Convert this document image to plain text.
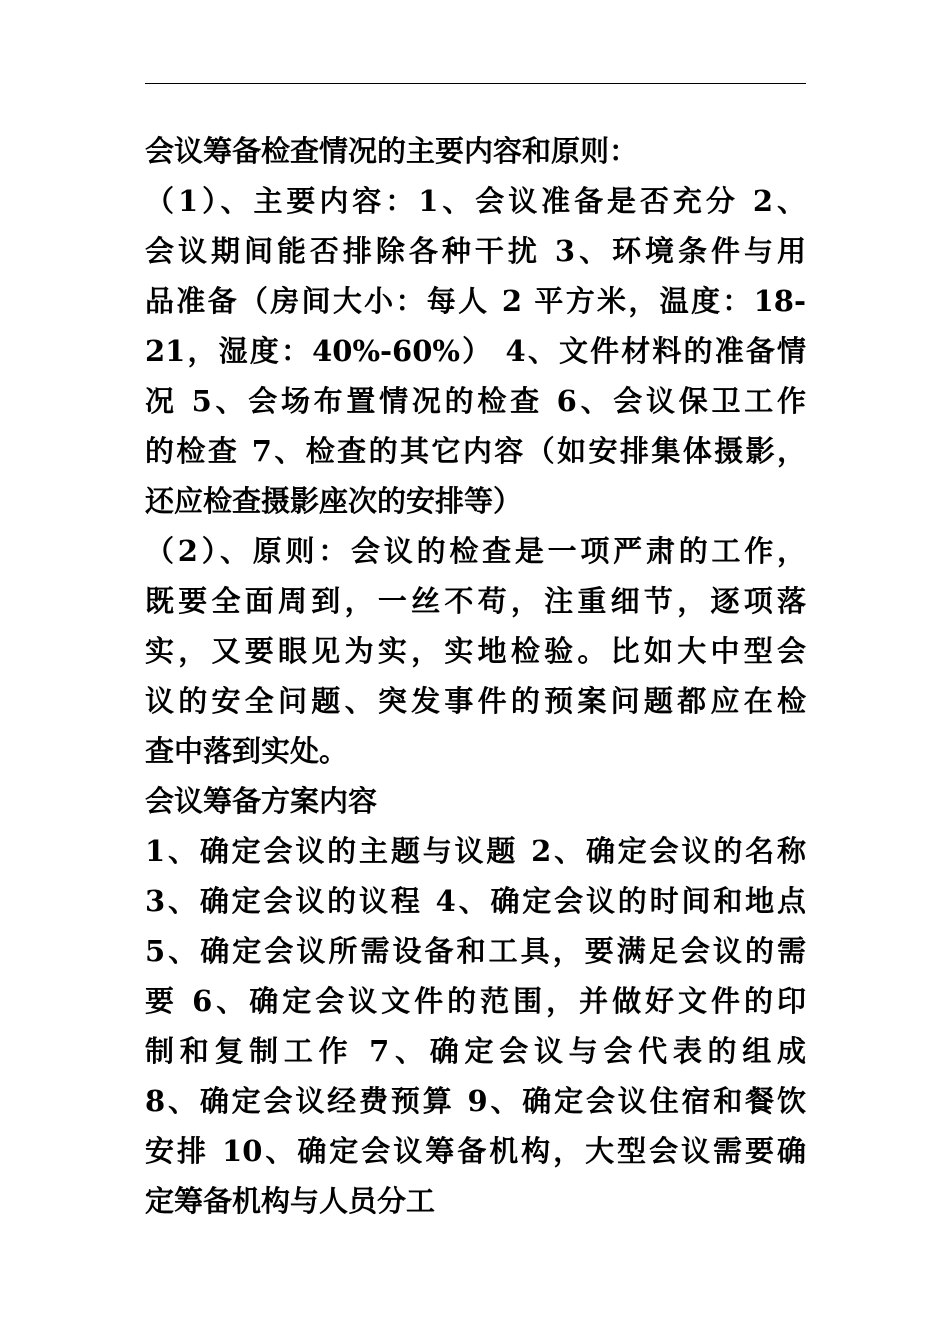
会议筹备检查情况的主要内容和原则：
（1）、主要内容：1、会议准备是否充分 2、
会议期间能否排除各种干扰 3、环境条件与用
品准备（房间大小：每人 2 平方米，温度：18-
21，湿度：40%-60%） 4、文件材料的准备情
况 5、会场布置情况的检查 6、会议保卫工作
的检查 7、检查的其它内容（如安排集体摄影，
还应检查摄影座次的安排等）
（2）、原则：会议的检查是一项严肃的工作，
既要全面周到，一丝不苟，注重细节，逐项落
实，又要眼见为实，实地检验。比如大中型会
议的安全问题、突发事件的预案问题都应在检
查中落到实处。
会议筹备方案内容
1、确定会议的主题与议题 2、确定会议的名称
3、确定会议的议程 4、确定会议的时间和地点
5、确定会议所需设备和工具，要满足会议的需
要 6、确定会议文件的范围，并做好文件的印
制和复制工作 7、确定会议与会代表的组成
8、确定会议经费预算 9、确定会议住宿和餐饮
安排 10、确定会议筹备机构，大型会议需要确
定筹备机构与人员分工
